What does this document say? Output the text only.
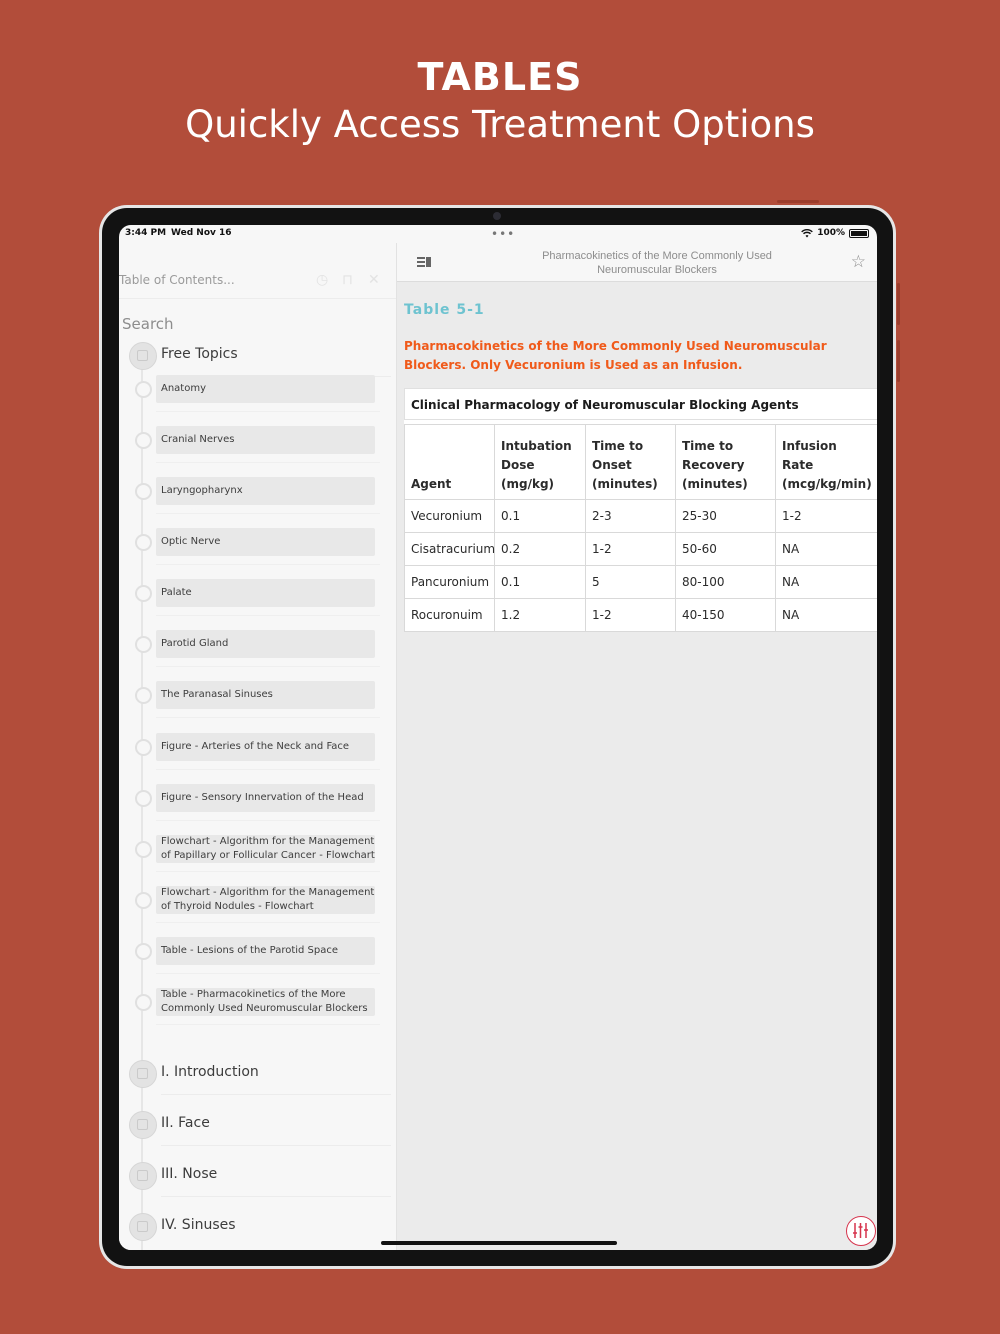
TABLES
Quickly Access Treatment Options
3:44 PM Wed Nov 16	•••	100%
Table of Contents...	◷ ⊓ ✕
Search
Free Topics
Anatomy
Cranial Nerves
Laryngopharynx
Optic Nerve
Palate
Parotid Gland
The Paranasal Sinuses
Figure - Arteries of the Neck and Face
Figure - Sensory Innervation of the Head
Flowchart - Algorithm for the Management of Papillary or Follicular Cancer - Flowchart
Flowchart - Algorithm for the Management of Thyroid Nodules - Flowchart
Table - Lesions of the Parotid Space
Table - Pharmacokinetics of the More Commonly Used Neuromuscular Blockers
I. Introduction
II. Face
III. Nose
IV. Sinuses
Pharmacokinetics of the More Commonly Used Neuromuscular Blockers	☆
Table 5-1
Pharmacokinetics of the More Commonly Used Neuromuscular Blockers. Only Vecuronium is Used as an Infusion.
Clinical Pharmacology of Neuromuscular Blocking Agents
Agent	Intubation Dose (mg/kg)	Time to Onset (minutes)	Time to Recovery (minutes)	Infusion Rate (mcg/kg/min)
Vecuronium	0.1	2-3	25-30	1-2
Cisatracurium	0.2	1-2	50-60	NA
Pancuronium	0.1	5	80-100	NA
Rocuronuim	1.2	1-2	40-150	NA
